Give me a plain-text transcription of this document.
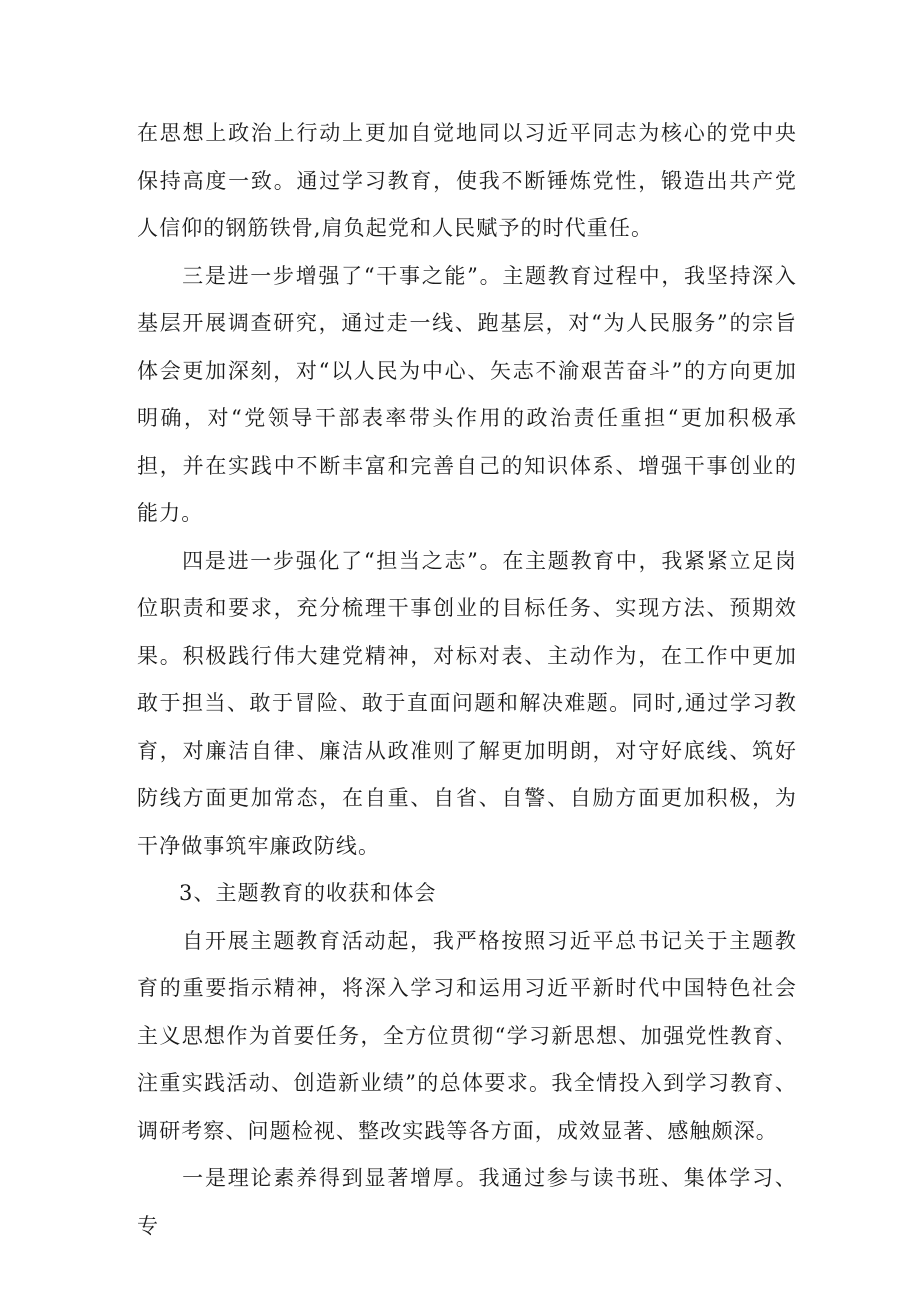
在思想上政治上行动上更加自觉地同以习近平同志为核心的党中央保持高度一致。通过学习教育，使我不断锤炼党性，锻造出共产党人信仰的钢筋铁骨,肩负起党和人民赋予的时代重任。

三是进一步增强了“干事之能”。主题教育过程中，我坚持深入基层开展调查研究，通过走一线、跑基层，对“为人民服务”的宗旨体会更加深刻，对“以人民为中心、矢志不渝艰苦奋斗”的方向更加明确，对“党领导干部表率带头作用的政治责任重担“更加积极承担，并在实践中不断丰富和完善自己的知识体系、增强干事创业的能力。

四是进一步强化了“担当之志”。在主题教育中，我紧紧立足岗位职责和要求，充分梳理干事创业的目标任务、实现方法、预期效果。积极践行伟大建党精神，对标对表、主动作为，在工作中更加敢于担当、敢于冒险、敢于直面问题和解决难题。同时,通过学习教育，对廉洁自律、廉洁从政准则了解更加明朗，对守好底线、筑好防线方面更加常态，在自重、自省、自警、自励方面更加积极，为干净做事筑牢廉政防线。

3、主题教育的收获和体会

自开展主题教育活动起，我严格按照习近平总书记关于主题教育的重要指示精神，将深入学习和运用习近平新时代中国特色社会主义思想作为首要任务，全方位贯彻“学习新思想、加强党性教育、注重实践活动、创造新业绩”的总体要求。我全情投入到学习教育、调研考察、问题检视、整改实践等各方面，成效显著、感触颇深。

一是理论素养得到显著增厚。我通过参与读书班、集体学习、专
